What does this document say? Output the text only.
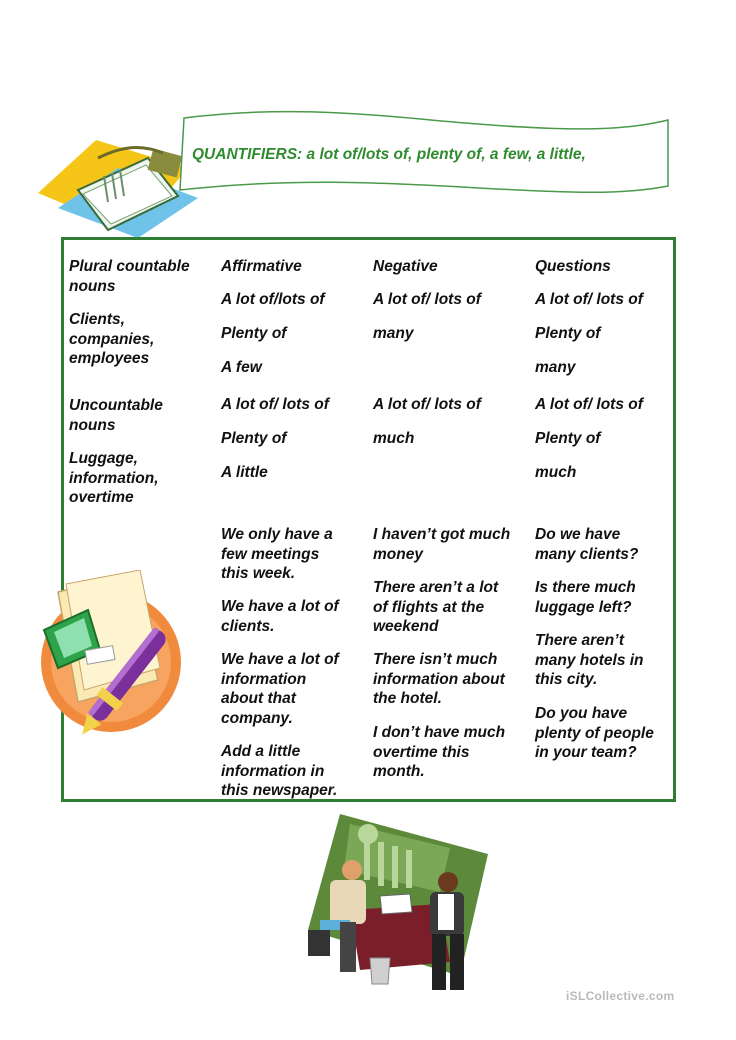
QUANTIFIERS: a lot of/lots of, plenty of, a few, a little,
Plural countable
nouns
Affirmative	Negative	Questions
Clients,
companies,
employees
A lot of/lots of
Plenty of
A few
A lot of/ lots of
many
A lot of/ lots of
Plenty of
many
Uncountable
nouns
Luggage,
information,
overtime
A lot of/ lots of
Plenty of
A little
A lot of/ lots of
much
A lot of/ lots of
Plenty of
much
We only have a
few meetings
this week.
We have a lot of
clients.
We have a lot of
information
about that
company.
Add a little
information in
this newspaper.
I haven’t got much
money
There aren’t a lot
of flights at the
weekend
There isn’t much
information about
the hotel.
I don’t have much
overtime this
month.
Do we have
many clients?
Is there much
luggage left?
There aren’t
many hotels in
this city.
Do you have
plenty of people
in your team?
iSLCollective.com
